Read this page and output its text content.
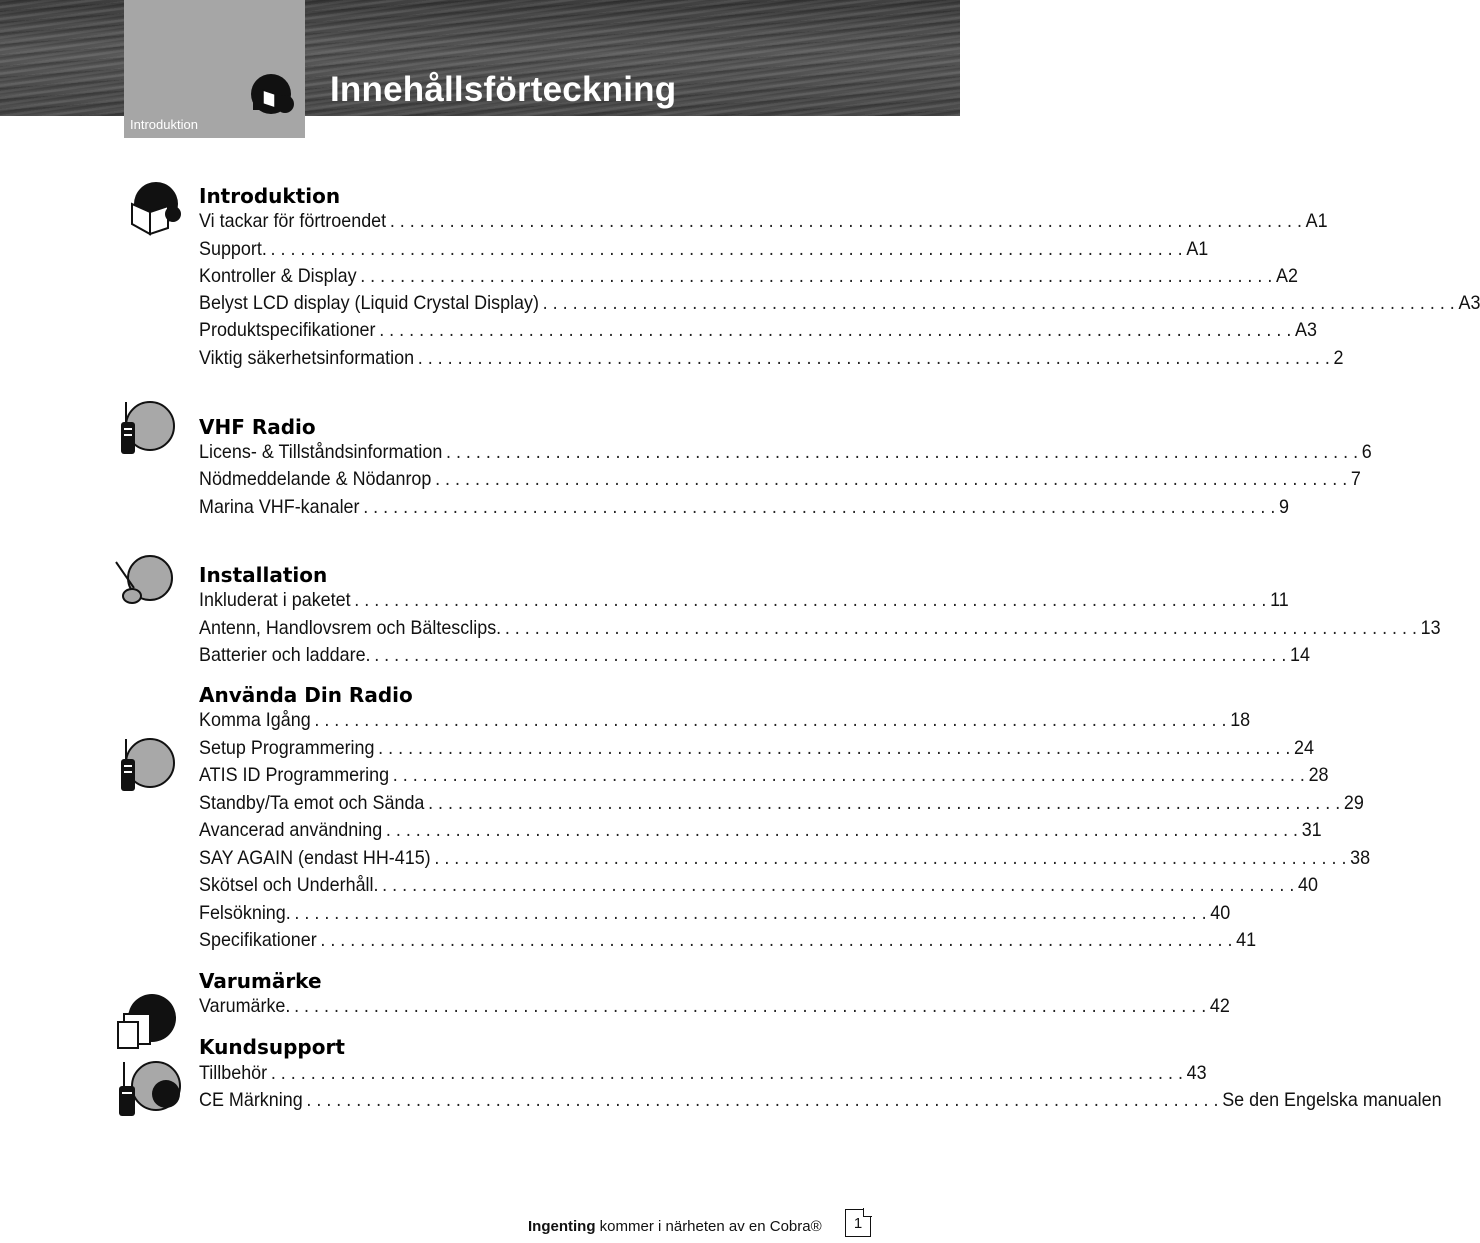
Introduktion
Innehållsförteckning
Introduktion
Vi tackar för förtroendet . . .	A1
Support. . . .	A1
Kontroller & Display . . .	A2
Belyst LCD display (Liquid Crystal Display) . . .	A3
Produktspecifikationer . . .	A3
Viktig säkerhetsinformation . . .	2
VHF Radio
Licens- & Tillståndsinformation . . .	6
Nödmeddelande & Nödanrop . . .	7
Marina VHF-kanaler . . .	9
Installation
Inkluderat i paketet . . .	11
Antenn, Handlovsrem och Bältesclips. . . .	13
Batterier och laddare. . . .	14
Använda Din Radio
Komma Igång . . .	18
Setup Programmering . . .	24
ATIS ID Programmering . . .	28
Standby/Ta emot och Sända . . .	29
Avancerad användning . . .	31
SAY AGAIN (endast HH-415) . . .	38
Skötsel och Underhåll. . . .	40
Felsökning. . . .	40
Specifikationer . . .	41
Varumärke
Varumärke. . . .	42
Kundsupport
Tillbehör . . .	43
CE Märkning . . .	Se den Engelska manualen
Ingenting kommer i närheten av en Cobra®	1
